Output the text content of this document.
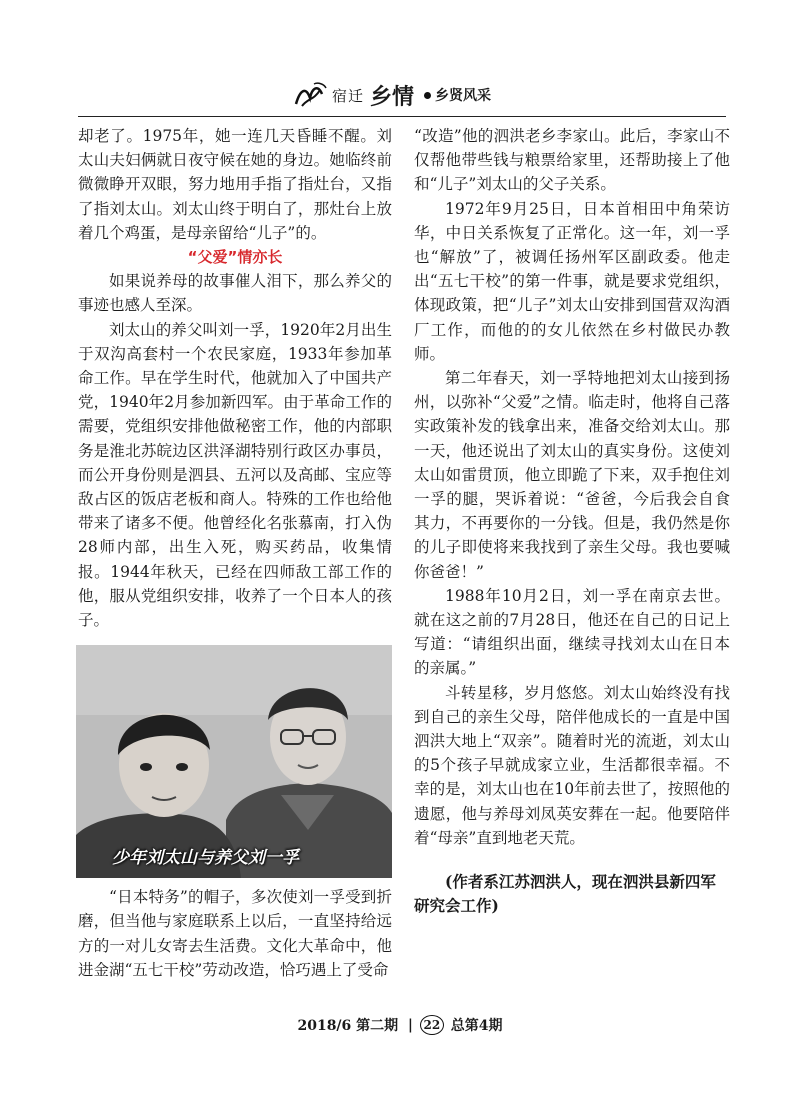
宿迁 乡情	乡贤风采

却老了。1975年，她一连几天昏睡不醒。刘太山夫妇俩就日夜守候在她的身边。她临终前微微睁开双眼，努力地用手指了指灶台，又指了指刘太山。刘太山终于明白了，那灶台上放着几个鸡蛋，是母亲留给“儿子”的。

“父爱”情亦长

如果说养母的故事催人泪下，那么养父的事迹也感人至深。

刘太山的养父叫刘一孚，1920年2月出生于双沟高套村一个农民家庭，1933年参加革命工作。早在学生时代，他就加入了中国共产党，1940年2月参加新四军。由于革命工作的需要，党组织安排他做秘密工作，他的内部职务是淮北苏皖边区洪泽湖特别行政区办事员，而公开身份则是泗县、五河以及高邮、宝应等敌占区的饭店老板和商人。特殊的工作也给他带来了诸多不便。他曾经化名张慕南，打入伪28师内部，出生入死，购买药品，收集情报。1944年秋天，已经在四师敌工部工作的他，服从党组织安排，收养了一个日本人的孩子。

少年刘太山与养父刘一孚

“日本特务”的帽子，多次使刘一孚受到折磨，但当他与家庭联系上以后，一直坚持给远方的一对儿女寄去生活费。文化大革命中，他进金湖“五七干校”劳动改造，恰巧遇上了受命

“改造”他的泗洪老乡李家山。此后，李家山不仅帮他带些钱与粮票给家里，还帮助接上了他和“儿子”刘太山的父子关系。

1972年9月25日，日本首相田中角荣访华，中日关系恢复了正常化。这一年，刘一孚也“解放”了，被调任扬州军区副政委。他走出“五七干校”的第一件事，就是要求党组织，体现政策，把“儿子”刘太山安排到国营双沟酒厂工作，而他的的女儿依然在乡村做民办教师。

第二年春天，刘一孚特地把刘太山接到扬州，以弥补“父爱”之情。临走时，他将自己落实政策补发的钱拿出来，准备交给刘太山。那一天，他还说出了刘太山的真实身份。这使刘太山如雷贯顶，他立即跪了下来，双手抱住刘一孚的腿，哭诉着说：“爸爸，今后我会自食其力，不再要你的一分钱。但是，我仍然是你的儿子即使将来我找到了亲生父母。我也要喊你爸爸！”

1988年10月2日，刘一孚在南京去世。就在这之前的7月28日，他还在自己的日记上写道：“请组织出面，继续寻找刘太山在日本的亲属。”

斗转星移，岁月悠悠。刘太山始终没有找到自己的亲生父母，陪伴他成长的一直是中国泗洪大地上“双亲”。随着时光的流逝，刘太山的5个孩子早就成家立业，生活都很幸福。不幸的是，刘太山也在10年前去世了，按照他的遗愿，他与养母刘凤英安葬在一起。他要陪伴着“母亲”直到地老天荒。

(作者系江苏泗洪人，现在泗洪县新四军研究会工作)

2018/6 第二期  | 22 总第4期
